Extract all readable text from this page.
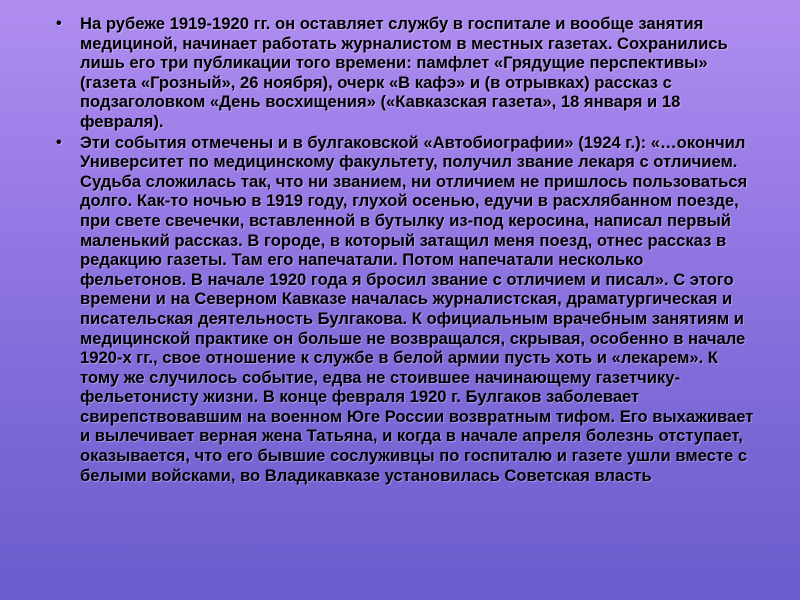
• На рубеже 1919-1920 гг. он оставляет службу в госпитале и вообще занятия медициной, начинает работать журналистом в местных газетах. Сохранились лишь его три публикации того времени: памфлет «Грядущие перспективы» (газета «Грозный», 26 ноября), очерк «В кафэ» и (в отрывках) рассказ с подзаголовком «День восхищения» («Кавказская газета», 18 января и 18 февраля).
• Эти события отмечены и в булгаковской «Автобиографии» (1924 г.): «…окончил Университет по медицинскому факультету, получил звание лекаря с отличием. Судьба сложилась так, что ни званием, ни отличием не пришлось пользоваться долго. Как-то ночью в 1919 году, глухой осенью, едучи в расхлябанном поезде, при свете свечечки, вставленной в бутылку из-под керосина, написал первый маленький рассказ. В городе, в который затащил меня поезд, отнес рассказ в редакцию газеты. Там его напечатали. Потом напечатали несколько фельетонов. В начале 1920 года я бросил звание с отличием и писал». С этого времени и на Северном Кавказе началась журналистская, драматургическая и писательская деятельность Булгакова. К официальным врачебным занятиям и медицинской практике он больше не возвращался, скрывая, особенно в начале 1920-х гг., свое отношение к службе в белой армии пусть хоть и «лекарем». К тому же случилось событие, едва не стоившее начинающему газетчику-фельетонисту жизни. В конце февраля 1920 г. Булгаков заболевает свирепствовавшим на военном Юге России возвратным тифом. Его выхаживает и вылечивает верная жена Татьяна, и когда в начале апреля болезнь отступает, оказывается, что его бывшие сослуживцы по госпиталю и газете ушли вместе с белыми войсками, во Владикавказе установилась Советская власть
